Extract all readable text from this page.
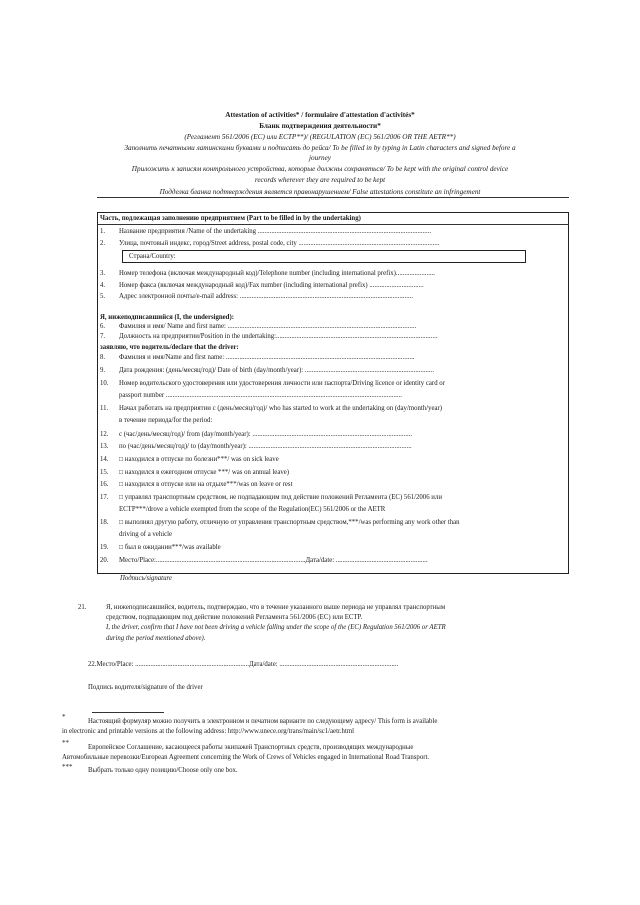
Attestation of activities* / formulaire d'attestation d'activités*
Бланк подтверждения деятельности*
(Регламент 561/2006 (ЕС) или ЕСТР**)/ (REGULATION (EC) 561/2006 OR THE AETR**)
Заполнить печатными латинскими буквами и подписать до рейса/ To be filled in by typing in Latin characters and signed before a
journey
Приложить к записям контрольного устройства, которые должны сохраняться/ To be kept with the original control device
records wherever they are required to be kept
Подделка бланка подтверждения является правонарушением/ False attestations constitute an infringement
Часть, подлежащая заполнению предприятием (Part to be filled in by the undertaking)
1. Название предприятия /Name of the undertaking ......................................................................................................
2. Улица, почтовый индекс, город/Street address, postal code, city ...................................................................................
3. Номер телефона (включая международный код)/Telephone number (including international prefix).......................
4. Номер факса (включая международный код)/Fax number (including international prefix) ................................
5. Адрес электронной почты/e-mail address: ......................................................................................................
Страна/Country:
Я, нижеподписавшийся (I, the undersigned):
6. Фамилия и имя/ Name and first name: ...............................................................................................................
7. Должность на предприятии/Position in the undertaking:...............................................................................................
заявляю, что водитель/declare that the driver:
8. Фамилия и имя/Name and first name: ...............................................................................................................
9. Дата рождения: (день/месяц/год)/ Date of birth (day/month/year): ............................................................................
10. Номер водительского удостоверения или удостоверения личности или паспорта/Driving licence or identity card or
passport number ...........................................................................................................................................
11. Начал работать на предприятии с (день/месяц/год)/ who has started to work at the undertaking on (day/month/year)
в течение периода/for the period:
12. с (час/день/месяц/год)/ from (day/month/year): ..............................................................................................
13. по (час/день/месяц/год)/ to (day/month/year): ................................................................................................
14. □ находился в отпуске по болезни***/ was on sick leave
15. □ находился в ежегодном отпуске ***/ was on annual leave)
16. □ находился в отпуске или на отдыхе***/was on leave or rest
17. □ управлял транспортным средством, не подпадающим под действие положений Регламента (ЕС) 561/2006 или
ЕСТР***/drove a vehicle exempted from the scope of the Regulation(EC) 561/2006 or the AETR
18. □ выполнял другую работу, отличную от управления транспортным средством,***/was performing any work other than
driving of a vehicle
19. □ был в ожидании***/was available
20. Место/Place:........................................................................................Дата/date: ......................................................
Подпись/signature
21.	Я, нижеподписавшийся, водитель, подтверждаю, что в течение указанного выше периода не управлял транспортным
средством, подпадающим под действие положений Регламента 561/2006 (ЕС) или ЕСТР.
I, the driver, confirm that I have not been driving a vehicle falling under the scope of the (EC) Regulation 561/2006 or AETR
during the period mentioned above).
22.Место/Place: ...................................................................Дата/date: ......................................................................
Подпись водителя/signature of the driver
*
Настоящий формуляр можно получить в электронном и печатном варианте по следующему адресу/ This form is available
in electronic and printable versions at the following address: http://www.unece.org/trans/main/sc1/aetr.html
**
Европейское Соглашение, касающееся работы экипажей Транспортных средств, производящих международные
Автомобильные перевозки/European Agreement concerning the Work of Crews of Vehicles engaged in International Road Transport.
*** Выбрать только одну позицию/Choose only one box.
